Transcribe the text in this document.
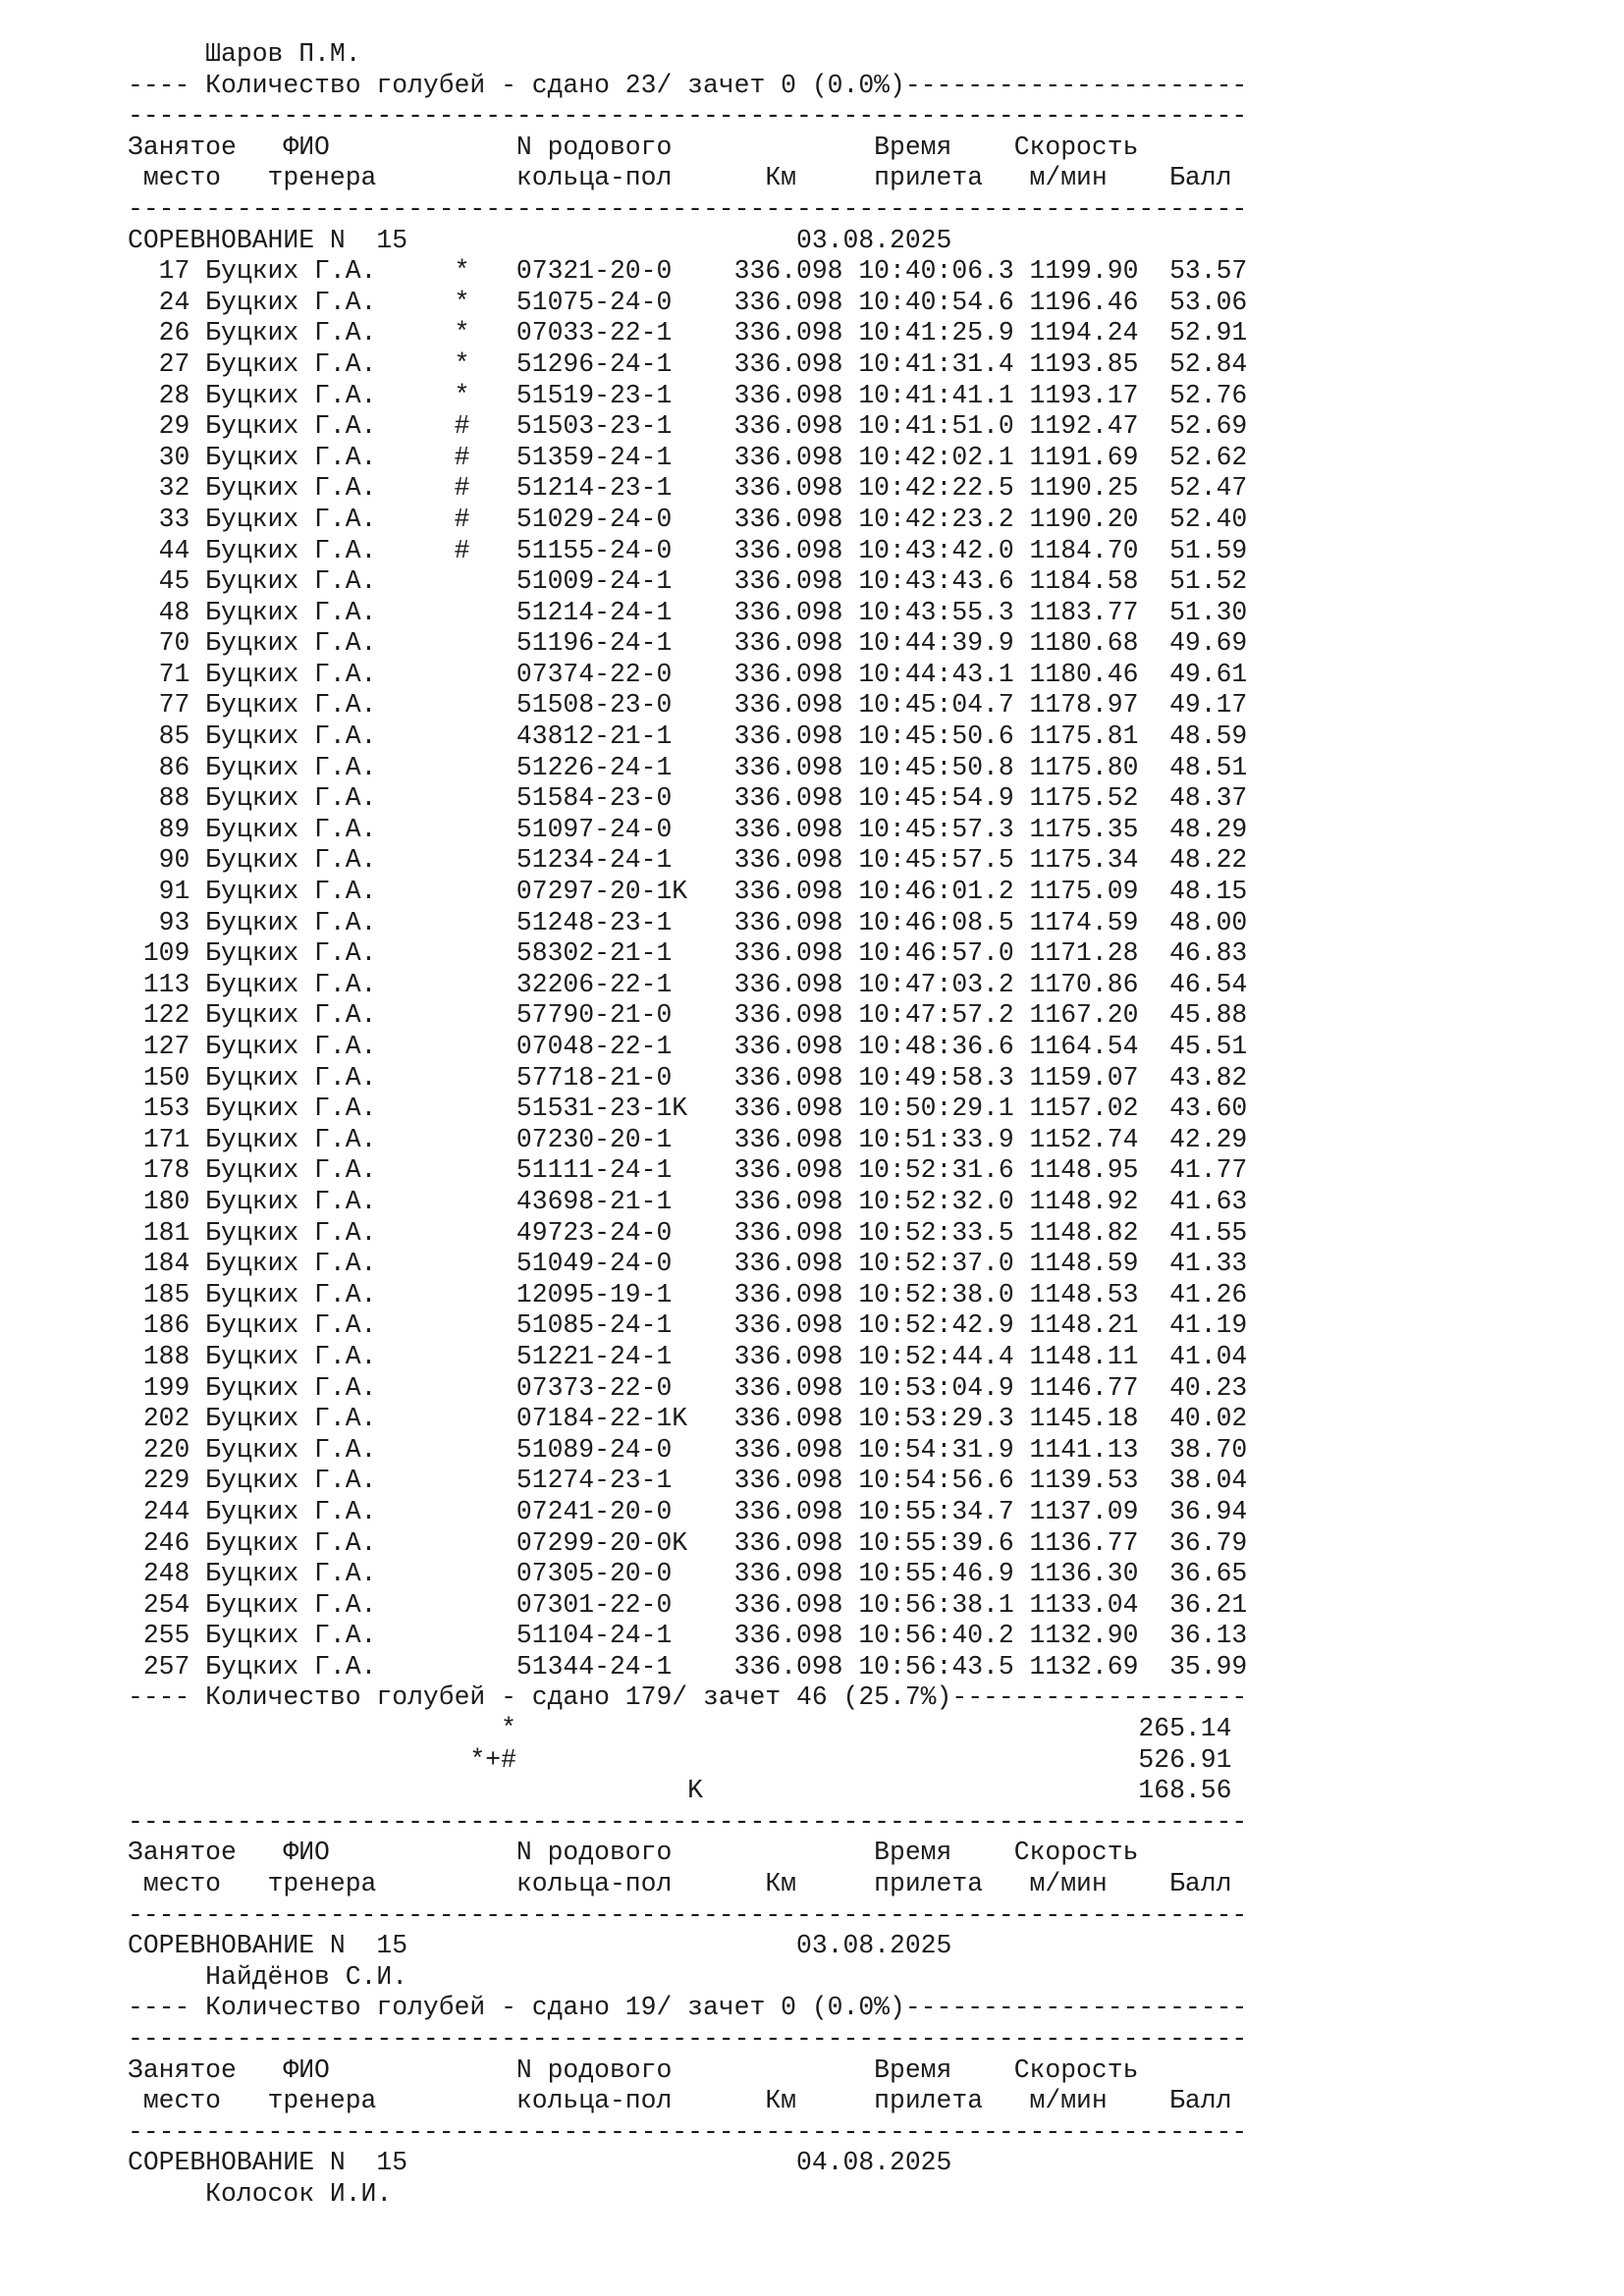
Шаров П.М.
---- Количество голубей - сдано 23/ зачет 0 (0.0%)----------------------
------------------------------------------------------------------------
Занятое   ФИО            N родового             Время    Скорость
место   тренера         кольца-пол      Км     прилета   м/мин    Балл
------------------------------------------------------------------------
СОРЕВНОВАНИЕ N  15                         03.08.2025
17 Буцких Г.А.     *   07321-20-0    336.098 10:40:06.3 1199.90  53.57
24 Буцких Г.А.     *   51075-24-0    336.098 10:40:54.6 1196.46  53.06
26 Буцких Г.А.     *   07033-22-1    336.098 10:41:25.9 1194.24  52.91
27 Буцких Г.А.     *   51296-24-1    336.098 10:41:31.4 1193.85  52.84
28 Буцких Г.А.     *   51519-23-1    336.098 10:41:41.1 1193.17  52.76
29 Буцких Г.А.     #   51503-23-1    336.098 10:41:51.0 1192.47  52.69
30 Буцких Г.А.     #   51359-24-1    336.098 10:42:02.1 1191.69  52.62
32 Буцких Г.А.     #   51214-23-1    336.098 10:42:22.5 1190.25  52.47
33 Буцких Г.А.     #   51029-24-0    336.098 10:42:23.2 1190.20  52.40
44 Буцких Г.А.     #   51155-24-0    336.098 10:43:42.0 1184.70  51.59
45 Буцких Г.А.         51009-24-1    336.098 10:43:43.6 1184.58  51.52
48 Буцких Г.А.         51214-24-1    336.098 10:43:55.3 1183.77  51.30
70 Буцких Г.А.         51196-24-1    336.098 10:44:39.9 1180.68  49.69
71 Буцких Г.А.         07374-22-0    336.098 10:44:43.1 1180.46  49.61
77 Буцких Г.А.         51508-23-0    336.098 10:45:04.7 1178.97  49.17
85 Буцких Г.А.         43812-21-1    336.098 10:45:50.6 1175.81  48.59
86 Буцких Г.А.         51226-24-1    336.098 10:45:50.8 1175.80  48.51
88 Буцких Г.А.         51584-23-0    336.098 10:45:54.9 1175.52  48.37
89 Буцких Г.А.         51097-24-0    336.098 10:45:57.3 1175.35  48.29
90 Буцких Г.А.         51234-24-1    336.098 10:45:57.5 1175.34  48.22
91 Буцких Г.А.         07297-20-1K   336.098 10:46:01.2 1175.09  48.15
93 Буцких Г.А.         51248-23-1    336.098 10:46:08.5 1174.59  48.00
109 Буцких Г.А.         58302-21-1    336.098 10:46:57.0 1171.28  46.83
113 Буцких Г.А.         32206-22-1    336.098 10:47:03.2 1170.86  46.54
122 Буцких Г.А.         57790-21-0    336.098 10:47:57.2 1167.20  45.88
127 Буцких Г.А.         07048-22-1    336.098 10:48:36.6 1164.54  45.51
150 Буцких Г.А.         57718-21-0    336.098 10:49:58.3 1159.07  43.82
153 Буцких Г.А.         51531-23-1K   336.098 10:50:29.1 1157.02  43.60
171 Буцких Г.А.         07230-20-1    336.098 10:51:33.9 1152.74  42.29
178 Буцких Г.А.         51111-24-1    336.098 10:52:31.6 1148.95  41.77
180 Буцких Г.А.         43698-21-1    336.098 10:52:32.0 1148.92  41.63
181 Буцких Г.А.         49723-24-0    336.098 10:52:33.5 1148.82  41.55
184 Буцких Г.А.         51049-24-0    336.098 10:52:37.0 1148.59  41.33
185 Буцких Г.А.         12095-19-1    336.098 10:52:38.0 1148.53  41.26
186 Буцких Г.А.         51085-24-1    336.098 10:52:42.9 1148.21  41.19
188 Буцких Г.А.         51221-24-1    336.098 10:52:44.4 1148.11  41.04
199 Буцких Г.А.         07373-22-0    336.098 10:53:04.9 1146.77  40.23
202 Буцких Г.А.         07184-22-1K   336.098 10:53:29.3 1145.18  40.02
220 Буцких Г.А.         51089-24-0    336.098 10:54:31.9 1141.13  38.70
229 Буцких Г.А.         51274-23-1    336.098 10:54:56.6 1139.53  38.04
244 Буцких Г.А.         07241-20-0    336.098 10:55:34.7 1137.09  36.94
246 Буцких Г.А.         07299-20-0K   336.098 10:55:39.6 1136.77  36.79
248 Буцких Г.А.         07305-20-0    336.098 10:55:46.9 1136.30  36.65
254 Буцких Г.А.         07301-22-0    336.098 10:56:38.1 1133.04  36.21
255 Буцких Г.А.         51104-24-1    336.098 10:56:40.2 1132.90  36.13
257 Буцких Г.А.         51344-24-1    336.098 10:56:43.5 1132.69  35.99
---- Количество голубей - сдано 179/ зачет 46 (25.7%)-------------------
*                                        265.14
*+#                                        526.91
K                            168.56
------------------------------------------------------------------------
Занятое   ФИО            N родового             Время    Скорость
место   тренера         кольца-пол      Км     прилета   м/мин    Балл
------------------------------------------------------------------------
СОРЕВНОВАНИЕ N  15                         03.08.2025
Найдёнов С.И.
---- Количество голубей - сдано 19/ зачет 0 (0.0%)----------------------
------------------------------------------------------------------------
Занятое   ФИО            N родового             Время    Скорость
место   тренера         кольца-пол      Км     прилета   м/мин    Балл
------------------------------------------------------------------------
СОРЕВНОВАНИЕ N  15                         04.08.2025
Колосок И.И.
